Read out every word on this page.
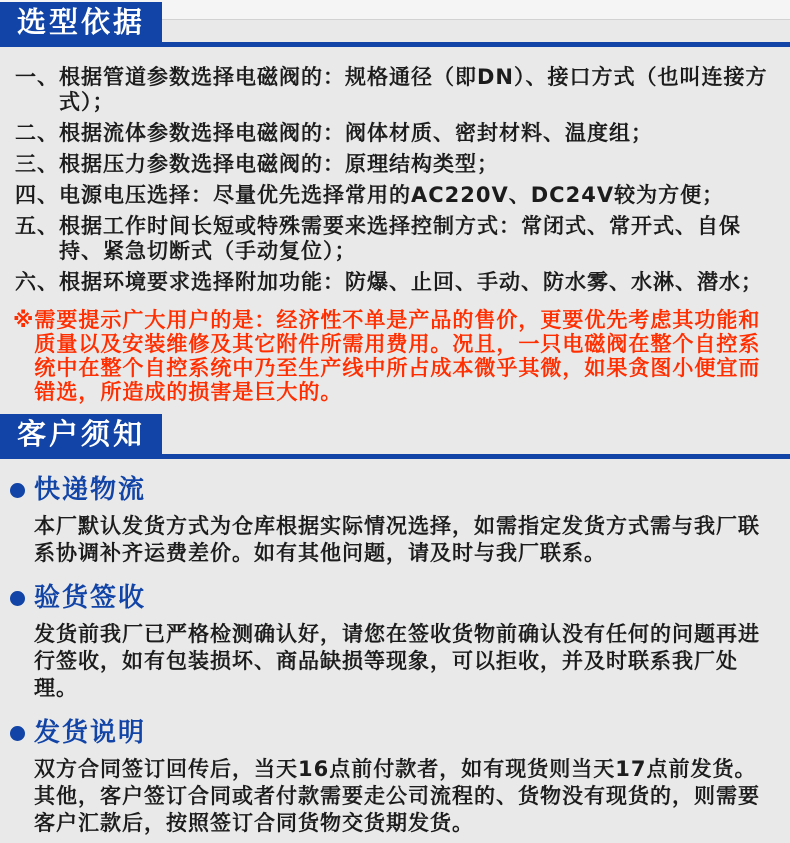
选型依据
一、 根据管道参数选择电磁阀的：规格通径（即DN）、接口方式（也叫连接方式）；
二、 根据流体参数选择电磁阀的：阀体材质、密封材料、温度组；
三、 根据压力参数选择电磁阀的：原理结构类型；
四、 电源电压选择：尽量优先选择常用的AC220V、DC24V较为方便；
五、 根据工作时间长短或特殊需要来选择控制方式：常闭式、常开式、自保持、紧急切断式（手动复位）；
六、 根据环境要求选择附加功能：防爆、止回、手动、防水雾、水淋、潜水；
※ 需要提示广大用户的是：经济性不单是产品的售价，更要优先考虑其功能和质量以及安装维修及其它附件所需用费用。况且，一只电磁阀在整个自控系统中在整个自控系统中乃至生产线中所占成本微乎其微，如果贪图小便宜而错选，所造成的损害是巨大的。

客户须知
快递物流

本厂默认发货方式为仓库根据实际情况选择，如需指定发货方式需与我厂联系协调补齐运费差价。如有其他问题，请及时与我厂联系。

验货签收

发货前我厂已严格检测确认好，请您在签收货物前确认没有任何的问题再进行签收，如有包装损坏、商品缺损等现象，可以拒收，并及时联系我厂处理。

发货说明

双方合同签订回传后，当天16点前付款者，如有现货则当天17点前发货。其他，客户签订合同或者付款需要走公司流程的、货物没有现货的，则需要客户汇款后，按照签订合同货物交货期发货。
